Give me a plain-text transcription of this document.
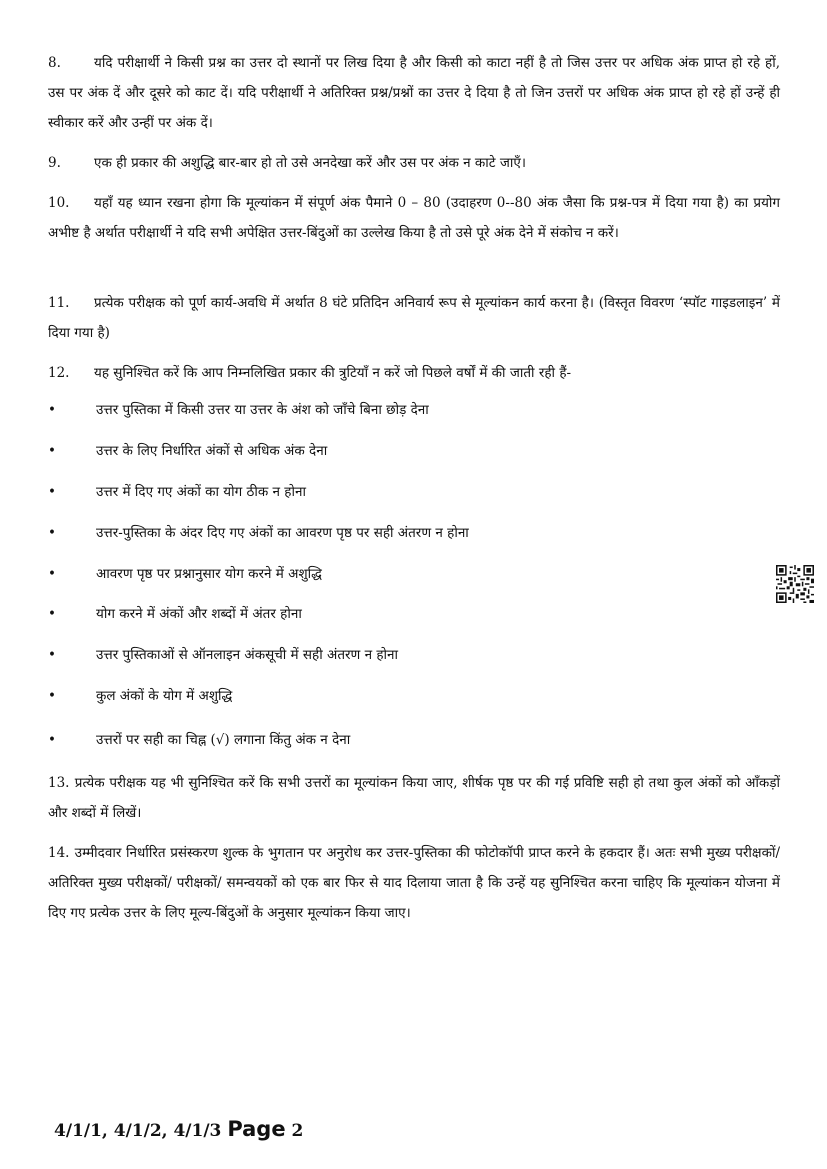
8. यदि परीक्षार्थी ने किसी प्रश्न का उत्तर दो स्थानों पर लिख दिया है और किसी को काटा नहीं है तो जिस उत्तर पर अधिक अंक प्राप्त हो रहे हों, उस पर अंक दें और दूसरे को काट दें। यदि परीक्षार्थी ने अतिरिक्त प्रश्न/प्रश्नों का उत्तर दे दिया है तो जिन उत्तरों पर अधिक अंक प्राप्त हो रहे हों उन्हें ही स्वीकार करें और उन्हीं पर अंक दें।
9. एक ही प्रकार की अशुद्धि बार-बार हो तो उसे अनदेखा करें और उस पर अंक न काटे जाएँ।
10. यहाँ यह ध्यान रखना होगा कि मूल्यांकन में संपूर्ण अंक पैमाने 0 – 80 (उदाहरण 0--80 अंक जैसा कि प्रश्न-पत्र में दिया गया है) का प्रयोग अभीष्ट है अर्थात परीक्षार्थी ने यदि सभी अपेक्षित उत्तर-बिंदुओं का उल्लेख किया है तो उसे पूरे अंक देने में संकोच न करें।
11. प्रत्येक परीक्षक को पूर्ण कार्य-अवधि में अर्थात 8 घंटे प्रतिदिन अनिवार्य रूप से मूल्यांकन कार्य करना है। (विस्तृत विवरण ‘स्पॉट गाइडलाइन’ में दिया गया है)
12. यह सुनिश्चित करें कि आप निम्नलिखित प्रकार की त्रुटियाँ न करें जो पिछले वर्षों में की जाती रही हैं-
•	उत्तर पुस्तिका में किसी उत्तर या उत्तर के अंश को जाँचे बिना छोड़ देना
•	उत्तर के लिए निर्धारित अंकों से अधिक अंक देना
•	उत्तर में दिए गए अंकों का योग ठीक न होना
•	उत्तर-पुस्तिका के अंदर दिए गए अंकों का आवरण पृष्ठ पर सही अंतरण न होना
•	आवरण पृष्ठ पर प्रश्नानुसार योग करने में अशुद्धि
•	योग करने में अंकों और शब्दों में अंतर होना
•	उत्तर पुस्तिकाओं से ऑनलाइन अंकसूची में सही अंतरण न होना
•	कुल अंकों के योग में अशुद्धि
•	उत्तरों पर सही का चिह्न (√) लगाना किंतु अंक न देना
13. प्रत्येक परीक्षक यह भी सुनिश्चित करें कि सभी उत्तरों का मूल्यांकन किया जाए, शीर्षक पृष्ठ पर की गई प्रविष्टि सही हो तथा कुल अंकों को आँकड़ों और शब्दों में लिखें।
14. उम्मीदवार निर्धारित प्रसंस्करण शुल्क के भुगतान पर अनुरोध कर उत्तर-पुस्तिका की फोटोकॉपी प्राप्त करने के हकदार हैं। अतः सभी मुख्य परीक्षकों/ अतिरिक्त मुख्य परीक्षकों/ परीक्षकों/ समन्वयकों को एक बार फिर से याद दिलाया जाता है कि उन्हें यह सुनिश्चित करना चाहिए कि मूल्यांकन योजना में दिए गए प्रत्येक उत्तर के लिए मूल्य-बिंदुओं के अनुसार मूल्यांकन किया जाए।
4/1/1, 4/1/2, 4/1/3 Page 2
